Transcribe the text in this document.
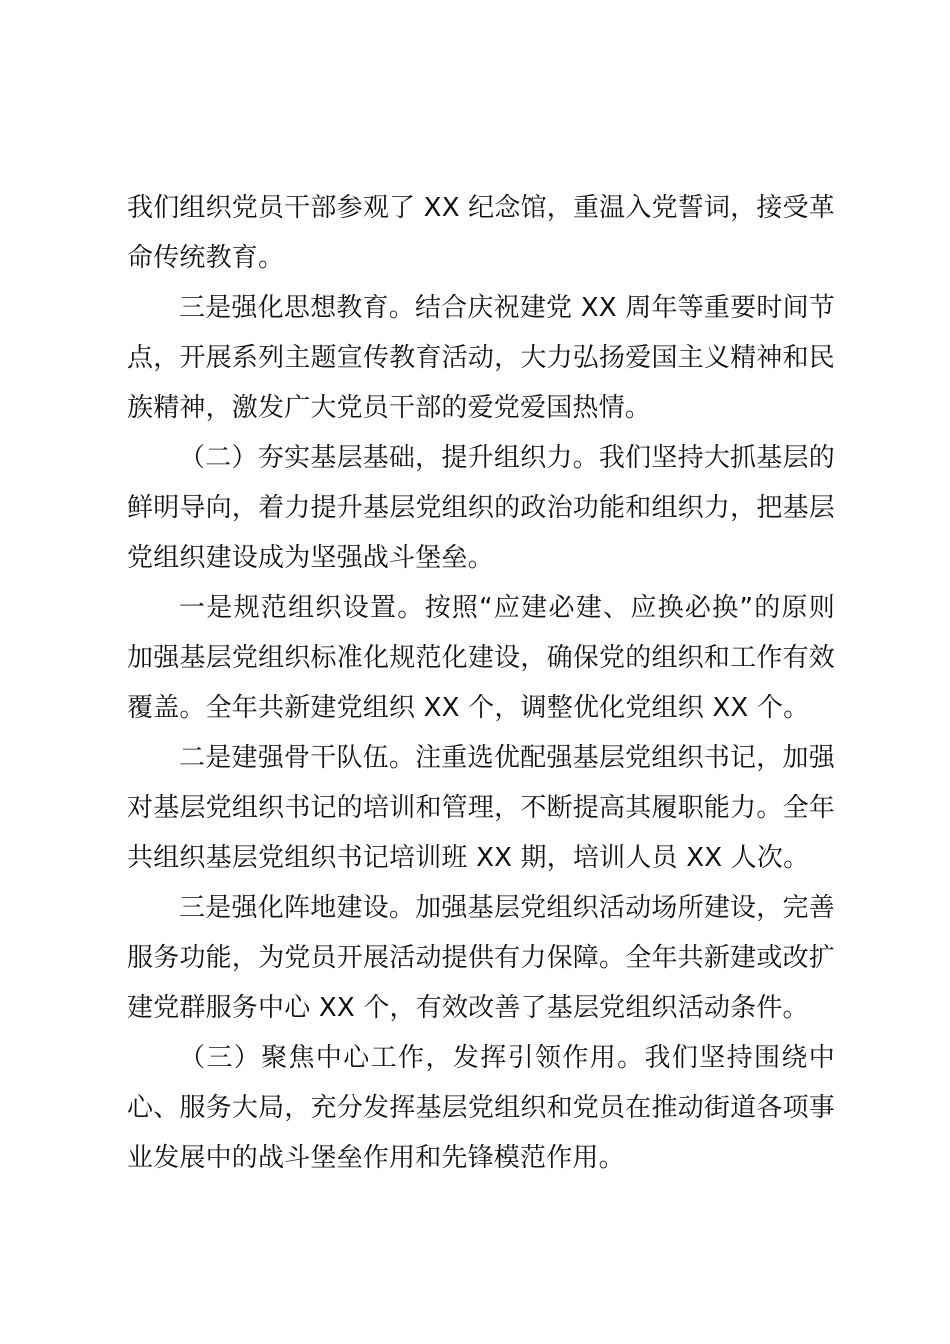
我们组织党员干部参观了 XX 纪念馆，重温入党誓词，接受革命传统教育。

三是强化思想教育。结合庆祝建党 XX 周年等重要时间节点，开展系列主题宣传教育活动，大力弘扬爱国主义精神和民族精神，激发广大党员干部的爱党爱国热情。

（二）夯实基层基础，提升组织力。我们坚持大抓基层的鲜明导向，着力提升基层党组织的政治功能和组织力，把基层党组织建设成为坚强战斗堡垒。

一是规范组织设置。按照“应建必建、应换必换”的原则加强基层党组织标准化规范化建设，确保党的组织和工作有效覆盖。全年共新建党组织 XX 个，调整优化党组织 XX 个。

二是建强骨干队伍。注重选优配强基层党组织书记，加强对基层党组织书记的培训和管理，不断提高其履职能力。全年共组织基层党组织书记培训班 XX 期，培训人员 XX 人次。

三是强化阵地建设。加强基层党组织活动场所建设，完善服务功能，为党员开展活动提供有力保障。全年共新建或改扩建党群服务中心 XX 个，有效改善了基层党组织活动条件。

（三）聚焦中心工作，发挥引领作用。我们坚持围绕中心、服务大局，充分发挥基层党组织和党员在推动街道各项事业发展中的战斗堡垒作用和先锋模范作用。
